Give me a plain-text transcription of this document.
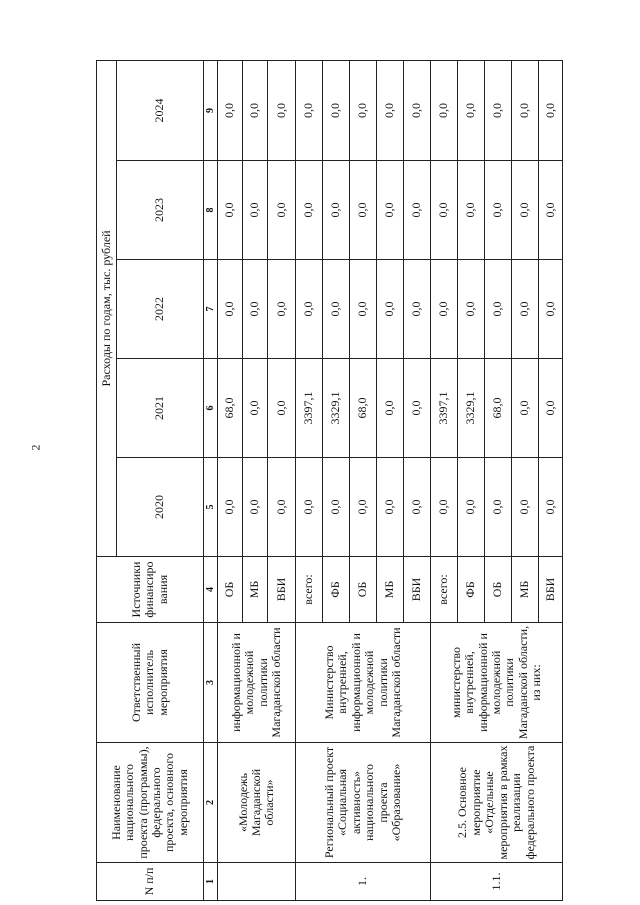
2
N п/п	Наименование национального проекта (программы), федерального проекта, основного мероприятия	Ответственный исполнитель мероприятия	Источники финансиро вания	Расходы по годам, тыс. рублей				
				2020	2021	2022	2023	2024
1	2	3	4	5	6	7	8	9
	«Молодежь Магаданской области»	информационной и молодежной политики Магаданской области	ОБ	0,0	68,0	0,0	0,0	0,0
			МБ	0,0	0,0	0,0	0,0	0,0
			ВБИ	0,0	0,0	0,0	0,0	0,0
1.	Региональный проект «Социальная активность» национального проекта «Образование»	Министерство внутренней, информационной и молодежной политики Магаданской области	всего:	0,0	3397,1	0,0	0,0	0,0
			ФБ	0,0	3329,1	0,0	0,0	0,0
			ОБ	0,0	68,0	0,0	0,0	0,0
			МБ	0,0	0,0	0,0	0,0	0,0
			ВБИ	0,0	0,0	0,0	0,0	0,0
1.1.	2.5. Основное мероприятие «Отдельные мероприятия в рамках реализации федерального проекта	министерство внутренней, информационной и молодежной политики Магаданской области, из них:	всего:	0,0	3397,1	0,0	0,0	0,0
			ФБ	0,0	3329,1	0,0	0,0	0,0
			ОБ	0,0	68,0	0,0	0,0	0,0
			МБ	0,0	0,0	0,0	0,0	0,0
			ВБИ	0,0	0,0	0,0	0,0	0,0
